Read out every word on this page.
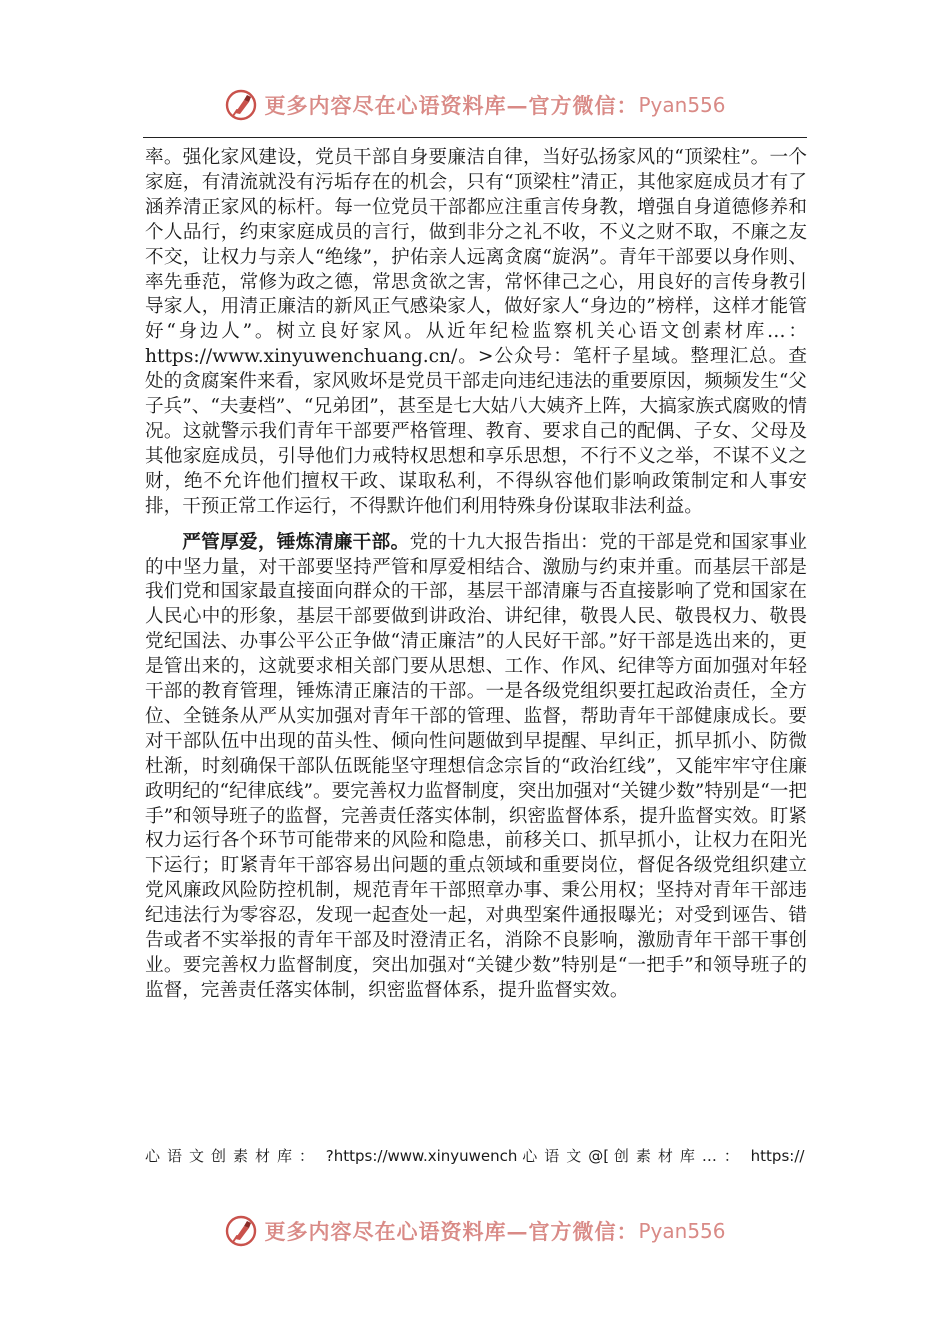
更多内容尽在心语资料库—官方微信： Pyan556

率。强化家风建设，党员干部自身要廉洁自律，当好弘扬家风的“顶梁柱”。一个家庭，有清流就没有污垢存在的机会，只有“顶梁柱”清正，其他家庭成员才有了涵养清正家风的标杆。每一位党员干部都应注重言传身教，增强自身道德修养和个人品行，约束家庭成员的言行，做到非分之礼不收，不义之财不取，不廉之友不交，让权力与亲人“绝缘”，护佑亲人远离贪腐“旋涡”。青年干部要以身作则、率先垂范，常修为政之德，常思贪欲之害，常怀律己之心，用良好的言传身教引导家人，用清正廉洁的新风正气感染家人，做好家人“身边的”榜样，这样才能管好“身边人”。树立良好家风。从近年纪检监察机关心语文创素材库…：https://www.xinyuwenchuang.cn/。>公众号：笔杆子星域。整理汇总。查处的贪腐案件来看，家风败坏是党员干部走向违纪违法的重要原因，频频发生“父子兵”、“夫妻档”、“兄弟团”，甚至是七大姑八大姨齐上阵，大搞家族式腐败的情况。这就警示我们青年干部要严格管理、教育、要求自己的配偶、子女、父母及其他家庭成员，引导他们力戒特权思想和享乐思想，不行不义之举，不谋不义之财，绝不允许他们擅权干政、谋取私利，不得纵容他们影响政策制定和人事安排，干预正常工作运行，不得默许他们利用特殊身份谋取非法利益。

严管厚爱，锤炼清廉干部。党的十九大报告指出：党的干部是党和国家事业的中坚力量，对干部要坚持严管和厚爱相结合、激励与约束并重。而基层干部是我们党和国家最直接面向群众的干部，基层干部清廉与否直接影响了党和国家在人民心中的形象，基层干部要做到讲政治、讲纪律，敬畏人民、敬畏权力、敬畏党纪国法、办事公平公正争做“清正廉洁”的人民好干部。”好干部是选出来的，更是管出来的，这就要求相关部门要从思想、工作、作风、纪律等方面加强对年轻干部的教育管理，锤炼清正廉洁的干部。一是各级党组织要扛起政治责任，全方位、全链条从严从实加强对青年干部的管理、监督，帮助青年干部健康成长。要对干部队伍中出现的苗头性、倾向性问题做到早提醒、早纠正，抓早抓小、防微杜渐，时刻确保干部队伍既能坚守理想信念宗旨的“政治红线”，又能牢牢守住廉政明纪的“纪律底线”。要完善权力监督制度，突出加强对“关键少数”特别是“一把手”和领导班子的监督，完善责任落实体制，织密监督体系，提升监督实效。盯紧权力运行各个环节可能带来的风险和隐患，前移关口、抓早抓小，让权力在阳光下运行；盯紧青年干部容易出问题的重点领域和重要岗位，督促各级党组织建立党风廉政风险防控机制，规范青年干部照章办事、秉公用权；坚持对青年干部违纪违法行为零容忍，发现一起查处一起，对典型案件通报曝光；对受到诬告、错告或者不实举报的青年干部及时澄清正名，消除不良影响，激励青年干部干事创业。要完善权力监督制度，突出加强对“关键少数”特别是“一把手”和领导班子的监督，完善责任落实体制，织密监督体系，提升监督实效。

心语文创素材库： ?https://www.xinyuwench 心语文@[ 创素材库…： https://
更多内容尽在心语资料库—官方微信： Pyan556
